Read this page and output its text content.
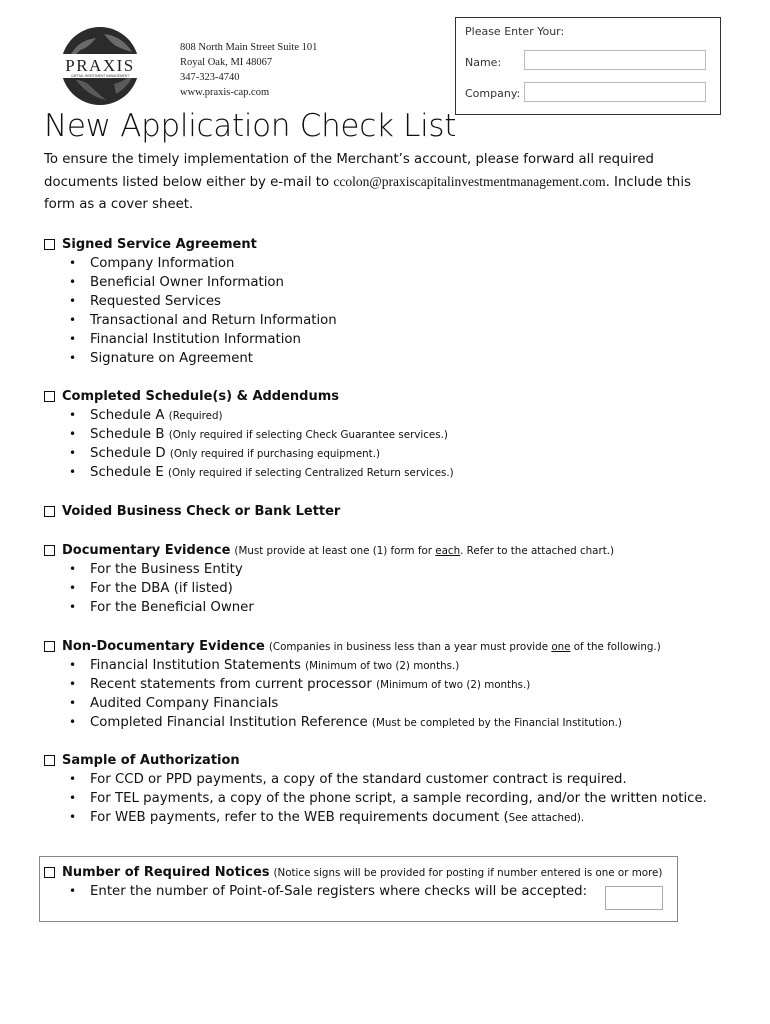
PRAXIS
CAPITAL INVESTMENT MANAGEMENT
808 North Main Street Suite 101
Royal Oak, MI 48067
347-323-4740
www.praxis-cap.com
Please Enter Your:
Name:
Company:
New Application Check List
To ensure the timely implementation of the Merchant’s account, please forward all required documents listed below either by e-mail to ccolon@praxiscapitalinvestmentmanagement.com. Include this form as a cover sheet.
Signed Service Agreement
• Company Information
• Beneficial Owner Information
• Requested Services
• Transactional and Return Information
• Financial Institution Information
• Signature on Agreement
Completed Schedule(s) & Addendums
• Schedule A (Required)
• Schedule B (Only required if selecting Check Guarantee services.)
• Schedule D (Only required if purchasing equipment.)
• Schedule E (Only required if selecting Centralized Return services.)
Voided Business Check or Bank Letter
Documentary Evidence (Must provide at least one (1) form for each. Refer to the attached chart.)
• For the Business Entity
• For the DBA (if listed)
• For the Beneficial Owner
Non-Documentary Evidence (Companies in business less than a year must provide one of the following.)
• Financial Institution Statements (Minimum of two (2) months.)
• Recent statements from current processor (Minimum of two (2) months.)
• Audited Company Financials
• Completed Financial Institution Reference (Must be completed by the Financial Institution.)
Sample of Authorization
• For CCD or PPD payments, a copy of the standard customer contract is required.
• For TEL payments, a copy of the phone script, a sample recording, and/or the written notice.
• For WEB payments, refer to the WEB requirements document (See attached).
Number of Required Notices (Notice signs will be provided for posting if number entered is one or more)
• Enter the number of Point-of-Sale registers where checks will be accepted:
